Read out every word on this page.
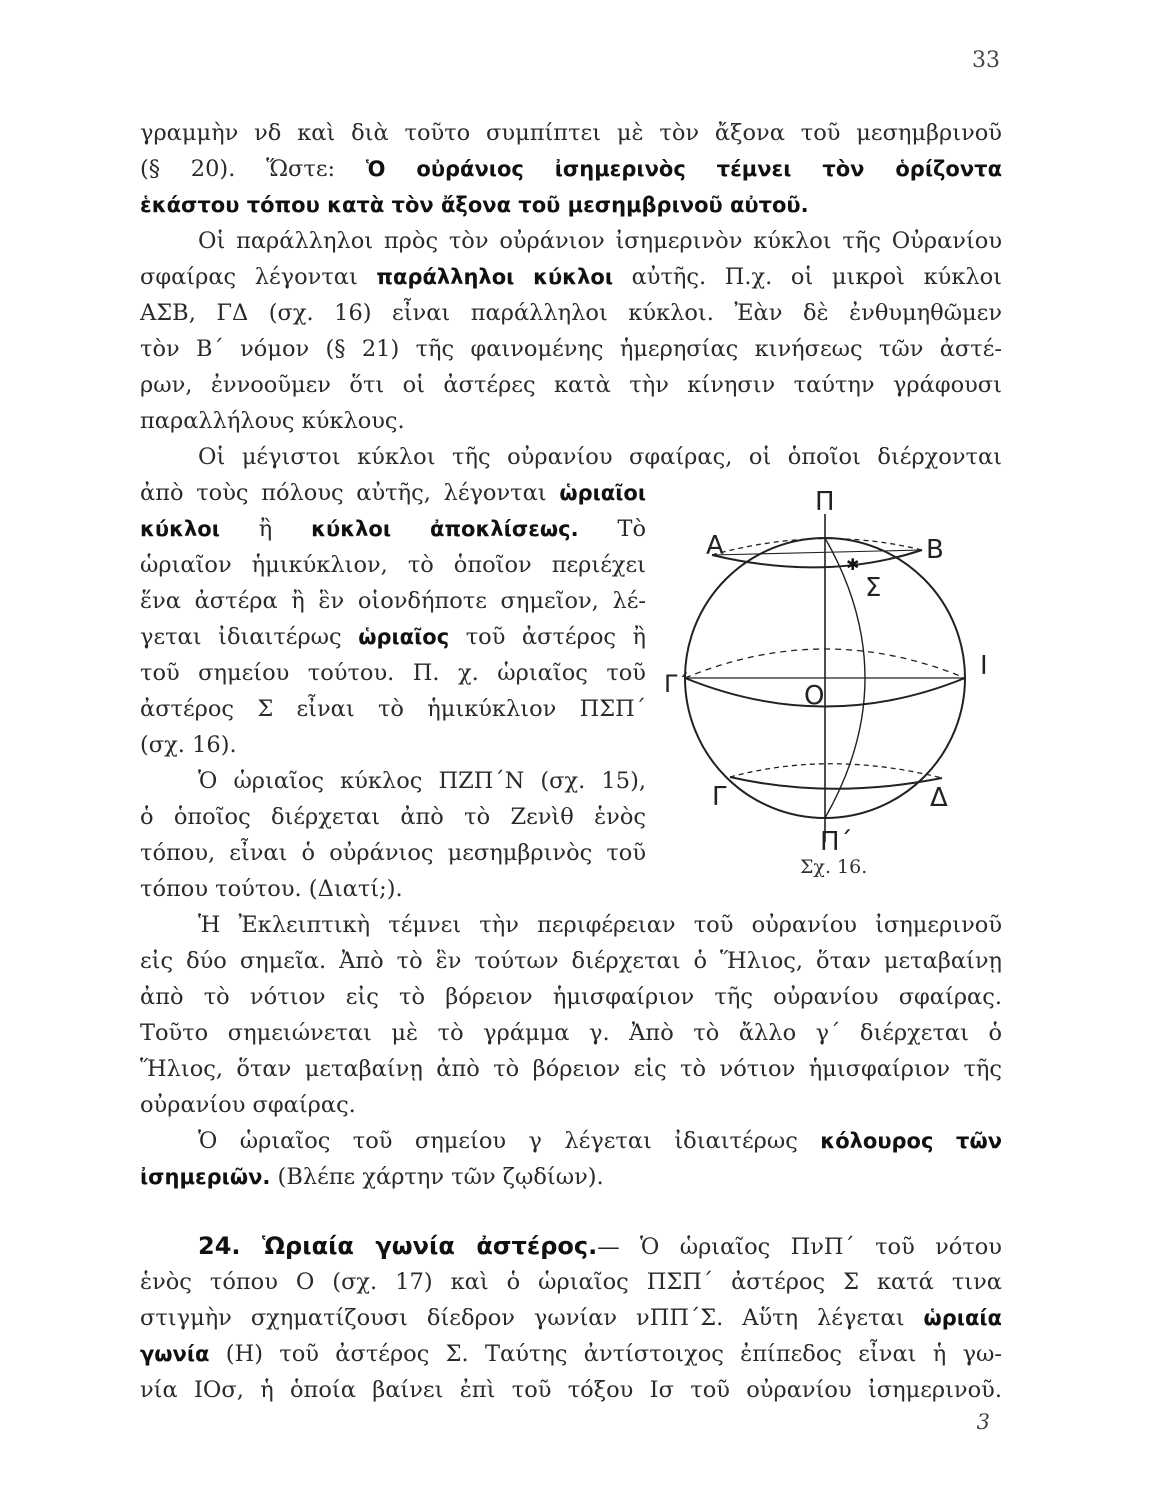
33
γραμμὴν νδ καὶ διὰ τοῦτο συμπίπτει μὲ τὸν ἄξονα τοῦ μεσημβρινοῦ
(§ 20). Ὥστε: Ὁ οὐράνιος ἰσημερινὸς τέμνει τὸν ὁρίζοντα
ἑκάστου τόπου κατὰ τὸν ἄξονα τοῦ μεσημβρινοῦ αὐτοῦ.
Οἱ παράλληλοι πρὸς τὸν οὐράνιον ἰσημερινὸν κύκλοι τῆς Οὐρανίου
σφαίρας λέγονται παράλληλοι κύκλοι αὐτῆς. Π.χ. οἱ μικροὶ κύκλοι
ΑΣΒ, ΓΔ (σχ. 16) εἶναι παράλληλοι κύκλοι. Ἐὰν δὲ ἐνθυμηθῶμεν
τὸν Β΄ νόμον (§ 21) τῆς φαινομένης ἡμερησίας κινήσεως τῶν ἀστέ-
ρων, ἐννοοῦμεν ὅτι οἱ ἀστέρες κατὰ τὴν κίνησιν ταύτην γράφουσι
παραλλήλους κύκλους.
Οἱ μέγιστοι κύκλοι τῆς οὐρανίου σφαίρας, οἱ ὁποῖοι διέρχονται
ἀπὸ τοὺς πόλους αὐτῆς, λέγονται ὡριαῖοι
κύκλοι ἢ κύκλοι ἀποκλίσεως. Τὸ
ὡριαῖον ἡμικύκλιον, τὸ ὁποῖον περιέχει
ἕνα ἀστέρα ἢ ἓν οἱονδήποτε σημεῖον, λέ-
γεται ἰδιαιτέρως ὡριαῖος τοῦ ἀστέρος ἢ
τοῦ σημείου τούτου. Π. χ. ὡριαῖος τοῦ
ἀστέρος Σ εἶναι τὸ ἡμικύκλιον ΠΣΠ΄
(σχ. 16).
Ὁ ὡριαῖος κύκλος ΠΖΠ΄Ν (σχ. 15),
ὁ ὁποῖος διέρχεται ἀπὸ τὸ Ζενὶθ ἑνὸς
τόπου, εἶναι ὁ οὐράνιος μεσημβρινὸς τοῦ
τόπου τούτου. (Διατί;).
Ἡ Ἐκλειπτικὴ τέμνει τὴν περιφέρειαν τοῦ οὐρανίου ἰσημερινοῦ
εἰς δύο σημεῖα. Ἀπὸ τὸ ἓν τούτων διέρχεται ὁ Ἥλιος, ὅταν μεταβαίνῃ
ἀπὸ τὸ νότιον εἰς τὸ βόρειον ἡμισφαίριον τῆς οὐρανίου σφαίρας.
Τοῦτο σημειώνεται μὲ τὸ γράμμα γ. Ἀπὸ τὸ ἄλλο γ΄ διέρχεται ὁ
Ἥλιος, ὅταν μεταβαίνῃ ἀπὸ τὸ βόρειον εἰς τὸ νότιον ἡμισφαίριον τῆς
οὐρανίου σφαίρας.
Ὁ ὡριαῖος τοῦ σημείου γ λέγεται ἰδιαιτέρως κόλουρος τῶν
ἰσημεριῶν. (Βλέπε χάρτην τῶν ζῳδίων).
24. Ὡριαία γωνία ἀστέρος.— Ὁ ὡριαῖος ΠνΠ΄ τοῦ νότου
ἑνὸς τόπου Ο (σχ. 17) καὶ ὁ ὡριαῖος ΠΣΠ΄ ἀστέρος Σ κατά τινα
στιγμὴν σχηματίζουσι δίεδρον γωνίαν νΠΠ΄Σ. Αὕτη λέγεται ὡριαία
γωνία (Η) τοῦ ἀστέρος Σ. Ταύτης ἀντίστοιχος ἐπίπεδος εἶναι ἡ γω-
νία ΙΟσ, ἡ ὁποία βαίνει ἐπὶ τοῦ τόξου Ισ τοῦ οὐρανίου ἰσημερινοῦ.
✱
Π
Α	Β
Σ
Γ΄
Ι
Ο
Γ	Δ
Π΄
Σχ. 16.
3
